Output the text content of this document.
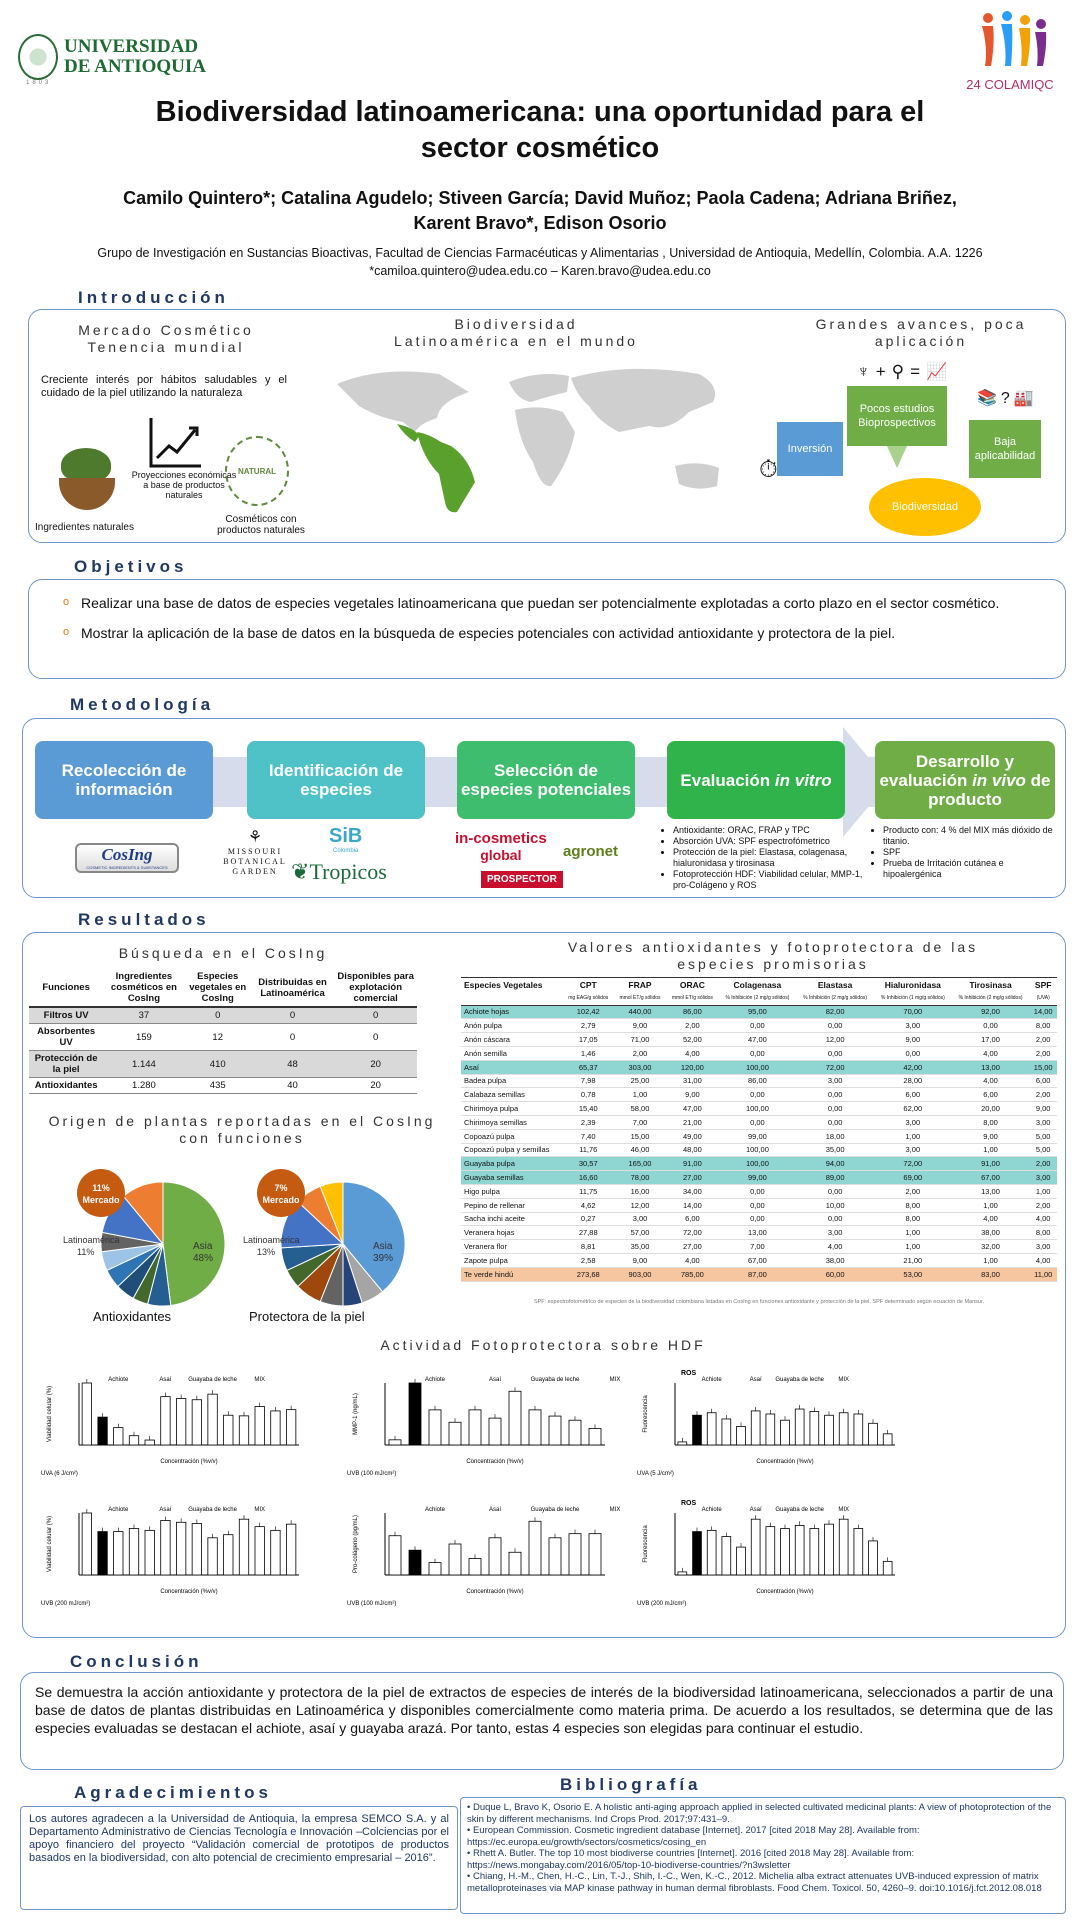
UNIVERSIDAD
DE ANTIOQUIA
1803	24 COLAMIQC
Biodiversidad latinoamericana: una oportunidad para el
sector cosmético
Camilo Quintero*; Catalina Agudelo; Stiveen García; David Muñoz; Paola Cadena; Adriana Briñez,
Karent Bravo*, Edison Osorio
Grupo de Investigación en Sustancias Bioactivas, Facultad de Ciencias Farmacéuticas y Alimentarias , Universidad de Antioquia, Medellín, Colombia. A.A. 1226
*camiloa.quintero@udea.edu.co – Karen.bravo@udea.edu.co
Introducción
Mercado Cosmético Tenencia mundial
Creciente interés por hábitos saludables y el cuidado de la piel utilizando la naturaleza
Proyecciones económicas a base de productos naturales
Ingredientes naturales
NATURAL
Cosméticos con productos naturales
Biodiversidad Latinoamérica en el mundo
Grandes avances, poca aplicación
♆+⚲=📈
Pocos estudios Bioprospectivos
Inversión
⏱
Baja aplicabilidad
📚?🏭
Biodiversidad
Objetivos
o Realizar una base de datos de especies vegetales latinoamericana que puedan ser potencialmente explotadas a corto plazo en el sector cosmético.
o Mostrar la aplicación de la base de datos en la búsqueda de especies potenciales con actividad antioxidante y protectora de la piel.
Metodología
Recolección de información
Identificación de especies
Selección de especies potenciales	Evaluación in vitro
Desarrollo y evaluación in vivo de producto
CosIng
COSMETIC INGREDIENTS & SUBSTANCES
⚘
MISSOURI BOTANICAL GARDEN
SiB
Colombia
❦Tropicos
in-cosmetics
global	agronet
PROSPECTOR
• Antioxidante: ORAC, FRAP y TPC
• Absorción UVA: SPF espectrofómetrico
• Protección de la piel: Elastasa, colagenasa, hialuronidasa y tirosinasa
• Fotoprotección HDF: Viabilidad celular, MMP-1, pro-Colágeno y ROS
• Producto con: 4 % del MIX más dióxido de titanio.
• SPF
• Prueba de Irritación cutánea e hipoalergénica
Resultados
Búsqueda en el CosIng
Funciones	Ingredientes cosméticos en CosIng	Especies vegetales en CosIng	Distribuidas en Latinoamérica	Disponibles para explotación comercial
Filtros UV	37	0	0	0
Absorbentes UV	159	12	0	0
Protección de la piel	1.144	410	48	20
Antioxidantes	1.280	435	40	20
Origen de plantas reportadas en el CosIng con funciones
11%
Mercado
Latinoamérica
11%	Asia
48%
7%
Mercado
Latinoamérica
13%	Asia
39%
Antioxidantes	Protectora de la piel
Valores antioxidantes y fotoprotectora de las especies promisorias
Especies Vegetales	CPT	FRAP	ORAC	Colagenasa	Elastasa	Hialuronidasa	Tirosinasa	SPF
	mg EAG/g sólidos	mmol ET/g sólidos	mmol ET/g sólidos	% Inhibición (2 mg/g sólidos)	% Inhibición (2 mg/g sólidos)	% Inhibición (1 mg/g sólidos)	% Inhibición (2 mg/g sólidos)	(UVA)
Achiote hojas	102,42	440,00	86,00	95,00	82,00	70,00	92,00	14,00
Anón pulpa	2,79	9,00	2,00	0,00	0,00	3,00	0,00	8,00
Anón cáscara	17,05	71,00	52,00	47,00	12,00	9,00	17,00	2,00
Anón semilla	1,46	2,00	4,00	0,00	0,00	0,00	4,00	2,00
Asaí	65,37	303,00	120,00	100,00	72,00	42,00	13,00	15,00
Badea pulpa	7,98	25,00	31,00	86,00	3,00	28,00	4,00	6,00
Calabaza semillas	0,78	1,00	9,00	0,00	0,00	6,00	6,00	2,00
Chirimoya pulpa	15,40	58,00	47,00	100,00	0,00	62,00	20,00	9,00
Chirimoya semillas	2,39	7,00	21,00	0,00	0,00	3,00	8,00	3,00
Copoazú pulpa	7,40	15,00	49,00	99,00	18,00	1,00	9,00	5,00
Copoazú pulpa y semillas	11,76	46,00	48,00	100,00	35,00	3,00	1,00	5,00
Guayaba pulpa	30,57	165,00	91,00	100,00	94,00	72,00	91,00	2,00
Guayaba semillas	16,60	78,00	27,00	99,00	89,00	69,00	67,00	3,00
Higo pulpa	11,75	16,00	34,00	0,00	0,00	2,00	13,00	1,00
Pepino de rellenar	4,62	12,00	14,00	0,00	10,00	8,00	1,00	2,00
Sacha inchi aceite	0,27	3,00	6,00	0,00	0,00	8,00	4,00	4,00
Veranera hojas	27,88	57,00	72,00	13,00	3,00	1,00	38,00	8,00
Veranera flor	8,81	35,00	27,00	7,00	4,00	1,00	32,00	3,00
Zapote pulpa	2,58	9,00	4,00	67,00	38,00	21,00	1,00	4,00
Te verde hindú	273,68	903,00	785,00	87,00	60,00	53,00	83,00	11,00
SPF: espectrofotométrico de especies de la biodiversidad colombiana listadas en CosIng en funciones antioxidante y protección de la piel. SPF determinado según ecuación de Mansur.
Actividad Fotoprotectora sobre HDF
Viabilidad celular (%)
Achiote	Asaí	Guayaba de leche	MIX
Concentración (%v/v)
UVA (6 J/cm²)
MMP-1 (ng/mL)
Achiote	Asaí	Guayaba de leche	MIX
Concentración (%v/v)
UVB (100 mJ/cm²)
Fluorescencia
Achiote	Asaí Guayaba de leche MIX
ROS
Concentración (%v/v)
UVA (5 J/cm²)
Viabilidad celular (%)
Achiote	Asaí	Guayaba de leche	MIX
Concentración (%v/v)
UVB (200 mJ/cm²)
Pro-colágeno (pg/mL)
Achiote	Asaí	Guayaba de leche	MIX
Concentración (%v/v)
UVB (100 mJ/cm²)
Fluorescencia
Achiote	Asaí Guayaba de leche MIX
ROS
Concentración (%v/v)
UVB (200 mJ/cm²)
Conclusión
Se demuestra la acción antioxidante y protectora de la piel de extractos de especies de interés de la biodiversidad latinoamericana, seleccionados a partir de una base de datos de plantas distribuidas en Latinoamérica y disponibles comercialmente como materia prima. De acuerdo a los resultados, se determina que de las especies evaluadas se destacan el achiote, asaí y guayaba arazá. Por tanto, estas 4 especies son elegidas para continuar el estudio.
Agradecimientos
Los autores agradecen a la Universidad de Antioquia, la empresa SEMCO S.A. y al Departamento Administrativo de Ciencias Tecnología e Innovación –Colciencias por el apoyo financiero del proyecto “Validación comercial de prototipos de productos basados en la biodiversidad, con alto potencial de crecimiento empresarial – 2016”.
Bibliografía
• Duque L, Bravo K, Osorio E. A holistic anti-aging approach applied in selected cultivated medicinal plants: A view of photoprotection of the skin by different mechanisms. Ind Crops Prod. 2017;97:431–9.
• European Commission. Cosmetic ingredient database [Internet]. 2017 [cited 2018 May 28]. Available from: https://ec.europa.eu/growth/sectors/cosmetics/cosing_en
• Rhett A. Butler. The top 10 most biodiverse countries [Internet]. 2016 [cited 2018 May 28]. Available from: https://news.mongabay.com/2016/05/top-10-biodiverse-countries/?n3wsletter
• Chiang, H.-M., Chen, H.-C., Lin, T.-J., Shih, I.-C., Wen, K.-C., 2012. Michelia alba extract attenuates UVB-induced expression of matrix metalloproteinases via MAP kinase pathway in human dermal fibroblasts. Food Chem. Toxicol. 50, 4260–9. doi:10.1016/j.fct.2012.08.018
